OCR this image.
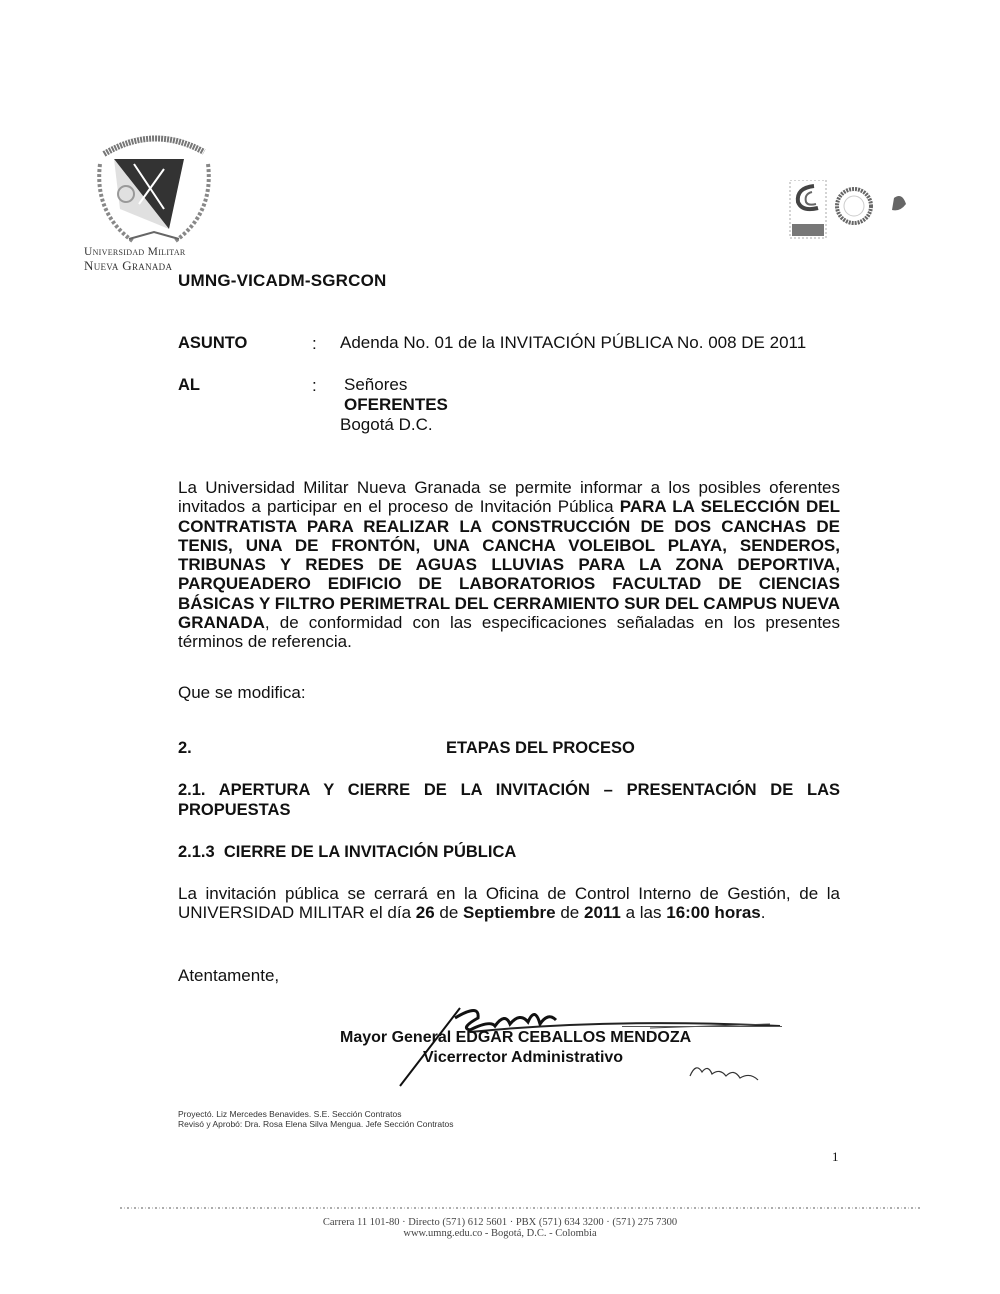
Universidad Militar
Nueva Granada
UMNG-VICADM-SGRCON
ASUNTO	: Adenda No. 01 de la INVITACIÓN PÚBLICA No. 008 DE 2011
AL	: Señores
OFERENTES
Bogotá D.C.
La Universidad Militar Nueva Granada se permite informar a los posibles oferentes invitados a participar en el proceso de Invitación Pública PARA LA SELECCIÓN DEL CONTRATISTA PARA REALIZAR LA CONSTRUCCIÓN DE DOS CANCHAS DE TENIS, UNA DE FRONTÓN, UNA CANCHA VOLEIBOL PLAYA, SENDEROS, TRIBUNAS Y REDES DE AGUAS LLUVIAS PARA LA ZONA DEPORTIVA, PARQUEADERO EDIFICIO DE LABORATORIOS FACULTAD DE CIENCIAS BÁSICAS Y FILTRO PERIMETRAL DEL CERRAMIENTO SUR DEL CAMPUS NUEVA GRANADA, de conformidad con las especificaciones señaladas en los presentes términos de referencia.
Que se modifica:
2.	ETAPAS DEL PROCESO
2.1. APERTURA Y CIERRE DE LA INVITACIÓN – PRESENTACIÓN DE LAS PROPUESTAS
2.1.3  CIERRE DE LA INVITACIÓN PÚBLICA
La invitación pública se cerrará en la Oficina de Control Interno de Gestión, de la UNIVERSIDAD MILITAR el día 26 de Septiembre de 2011 a las 16:00 horas.
Atentamente,
Mayor General EDGAR CEBALLOS MENDOZA
Vicerrector Administrativo
Proyectó. Liz Mercedes Benavides. S.E. Sección Contratos
Revisó y Aprobó: Dra. Rosa Elena Silva Mengua. Jefe Sección Contratos
1
Carrera 11 101-80 · Directo (571) 612 5601 · PBX (571) 634 3200 · (571) 275 7300
www.umng.edu.co - Bogotá, D.C. - Colombia
